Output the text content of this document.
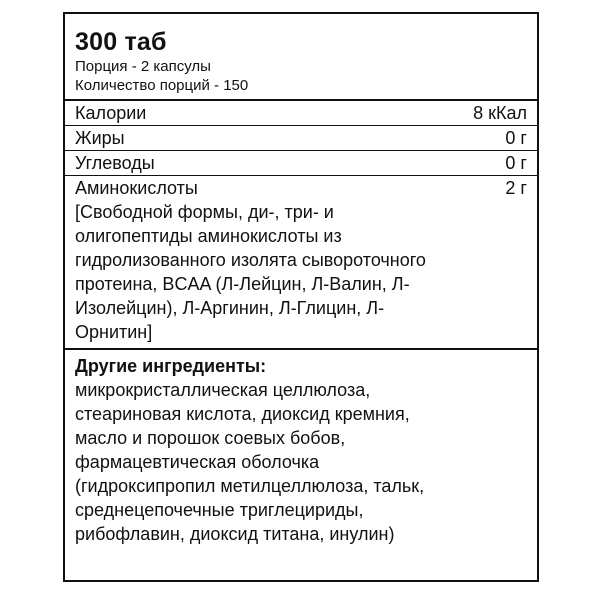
300 таб
Порция - 2 капсулы
Количество порций - 150
Калории	8 кКал
Жиры	0 г
Углеводы	0 г
Аминокислоты	2 г
[Свободной формы, ди-, три- и
олигопептиды аминокислоты из
гидролизованного изолята сывороточного
протеина, BCAA (Л-Лейцин, Л-Валин, Л-
Изолейцин), Л-Аргинин, Л-Глицин, Л-
Орнитин]
Другие ингредиенты:
микрокристаллическая целлюлоза,
стеариновая кислота, диоксид кремния,
масло и порошок соевых бобов,
фармацевтическая оболочка
(гидроксипропил метилцеллюлоза, тальк,
среднецепочечные триглецириды,
рибофлавин, диоксид титана, инулин)
